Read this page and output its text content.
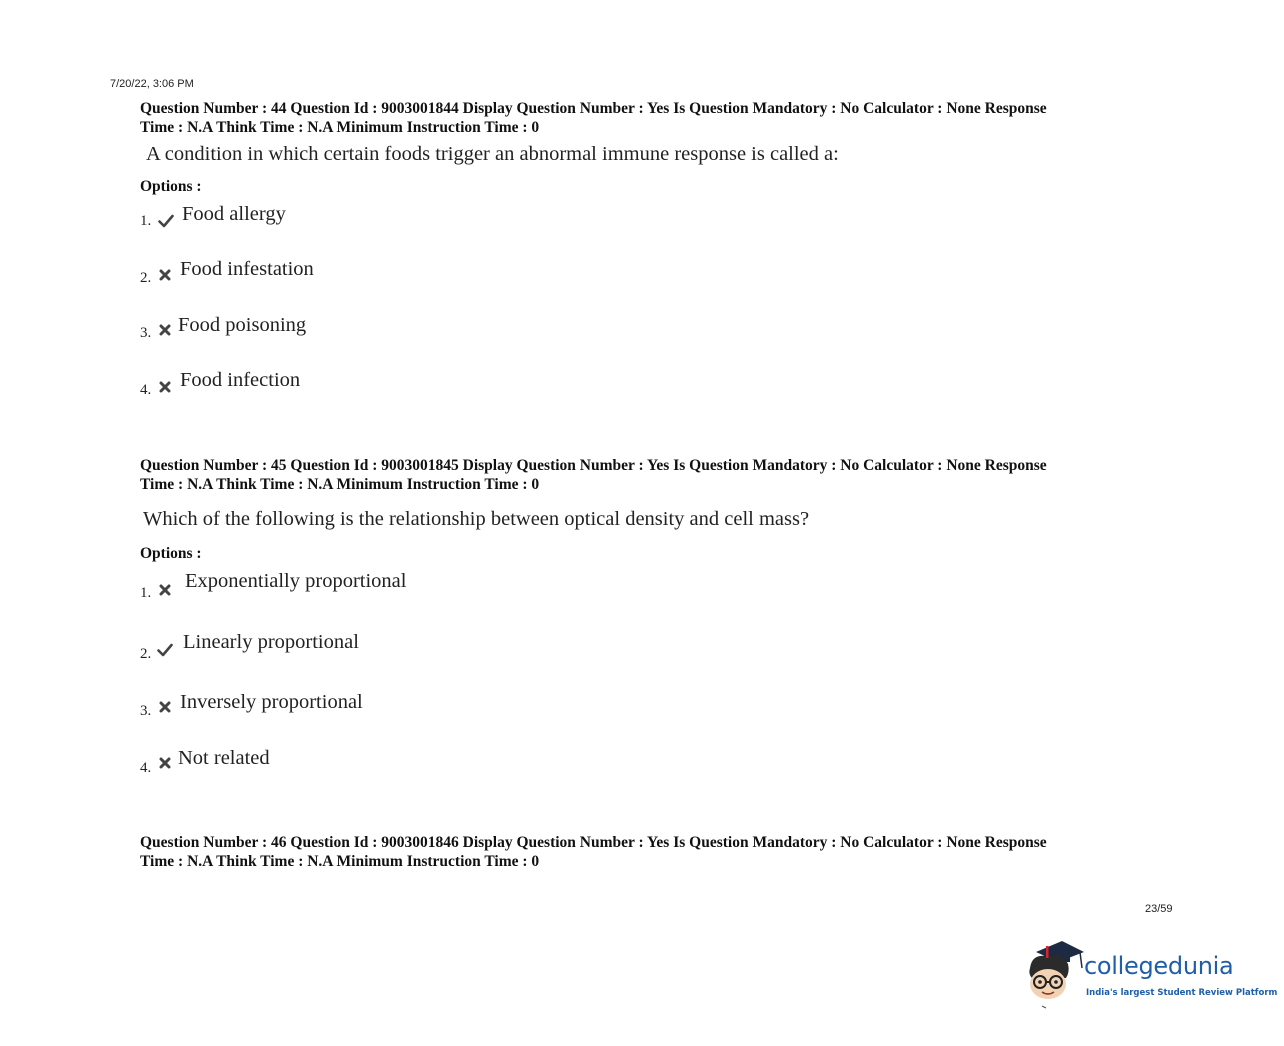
7/20/22, 3:06 PM

Question Number : 44 Question Id : 9003001844 Display Question Number : Yes Is Question Mandatory : No Calculator : None Response

Time : N.A Think Time : N.A Minimum Instruction Time : 0

A condition in which certain foods trigger an abnormal immune response is called a:

Options :

1. Food allergy
2. Food infestation
3. Food poisoning
4. Food infection

Question Number : 45 Question Id : 9003001845 Display Question Number : Yes Is Question Mandatory : No Calculator : None Response

Time : N.A Think Time : N.A Minimum Instruction Time : 0

Which of the following is the relationship between optical density and cell mass?

Options :

1.
Exponentially proportional
2.
Linearly proportional
3. Inversely proportional
4. Not related

Question Number : 46 Question Id : 9003001846 Display Question Number : Yes Is Question Mandatory : No Calculator : None Response

Time : N.A Think Time : N.A Minimum Instruction Time : 0

23/59
collegedunia
India's largest Student Review Platform
